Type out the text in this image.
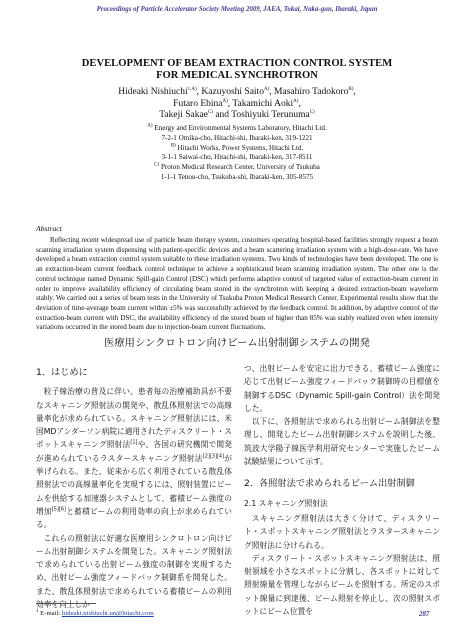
Proceedings of Particle Accelerator Society Meeting 2009, JAEA, Tokai, Naka-gun, Ibaraki, Japan
DEVELOPMENT OF BEAM EXTRACTION CONTROL SYSTEM
FOR MEDICAL SYNCHROTRON
Hideaki Nishiuchi$^{1,A)}$, Kazuyoshi Saito$^{A)}$, Masahiro Tadokoro$^{B)}$,
Futaro Ebina$^{A)}$, Takamichi Aoki$^{A)}$,
Takeji Sakae$^{C)}$ and Toshiyuki Terunuma$^{C)}$
$^{A)}$ Energy and Environmental Systems Laboratory, Hitachi Ltd.
7-2-1 Omika-cho, Hitachi-shi, Ibaraki-ken, 319-1221
$^{B)}$ Hitachi Works, Power Systems, Hitachi Ltd.
3-1-1 Saiwai-cho, Hitachi-shi, Ibaraki-ken, 317-8511
$^{C)}$ Proton Medical Research Center, University of Tsukuba
1-1-1 Tenou-cho, Tsukuba-shi, Ibaraki-ken, 305-8575
Abstract

Reflecting recent widespread use of particle beam therapy system, customers operating hospital-based facilities strongly request a beam scanning irradiation system dispensing with patient-specific devices and a beam scattering irradiation system with a high-dose-rate. We have developed a beam extraction control system suitable to these irradiation systems. Two kinds of technologies have been developed. The one is an extraction-beam current feedback control technique to achieve a sophisticated beam scanning irradiation system. The other one is the control technique named Dynamic Spill-gain Control (DSC) which performs adaptive control of targeted value of extraction-beam current in order to improve availability efficiency of circulating beam stored in the synchrotron with keeping a desired extraction-beam waveform stably. We carried out a series of beam tests in the University of Tsukuba Proton Medical Research Center. Experimental results show that the deviation of time-average beam current within ±5% was successfully achieved by the feedback control. In addition, by adaptive control of the extraction-beam current with DSC, the availability efficiency of the stored beam of higher than 85% was stably realized even when intensity variations occurred in the stored beam due to injection-beam current fluctuations.

医療用シンクロトロン向けビーム出射制御システムの開発
1．はじめに

粒子線治療の普及に伴い、患者毎の治療補助具が不要なスキャニング照射法の開発や、散乱体照射法での高線量率化が求められている。スキャニング照射法には、米国MDアンダーソン病院に適用されたディスクリート・スポットスキャニング照射法[1]や、各国の研究機関で開発が進められているラスタースキャニング照射法[2][3][4]が挙げられる。また、従来から広く利用されている散乱体照射法での高線量率化を実現するには、照射装置にビームを供給する加速器システムとして、蓄積ビーム強度の増加[5][6]と蓄積ビームの利用効率の向上が求められている。

これらの照射法に好適な医療用シンクロトロン向けビーム出射制御システムを開発した。スキャニング照射法で求められている出射ビーム強度の制御を実現するため、出射ビーム強度フィードバック制御系を開発した。また、散乱体照射法で求められている蓄積ビームの利用効率を向上しか

つ、出射ビームを安定に出力できる、蓄積ビーム強度に応じて出射ビーム強度フィードバック制御時の目標値を制御するDSC（Dynamic Spill-gain Control）法を開発した。

以下に、各照射法で求められる出射ビーム制御法を整理し、開発したビーム出射制御システムを説明した後、筑波大学陽子線医学利用研究センターで実施したビーム試験結果について示す。

2．各照射法で求められるビーム出射制御
2.1 スキャニング照射法

スキャニング照射法は大きく分けて、ディスクリート・スポットスキャニング照射法とラスタースキャニング照射法に分けられる。

ディスクリート・スポットスキャニング照射法は、照射領域を小さなスポットに分割し、各スポットに対して照射線量を管理しながらビームを照射する。所定のスポット線量に到達後、ビーム照射を停止し、次の照射スポットにビーム位置を

$^1$ E-mail: hideaki.nishiuchi.un@hitachi.com	287
